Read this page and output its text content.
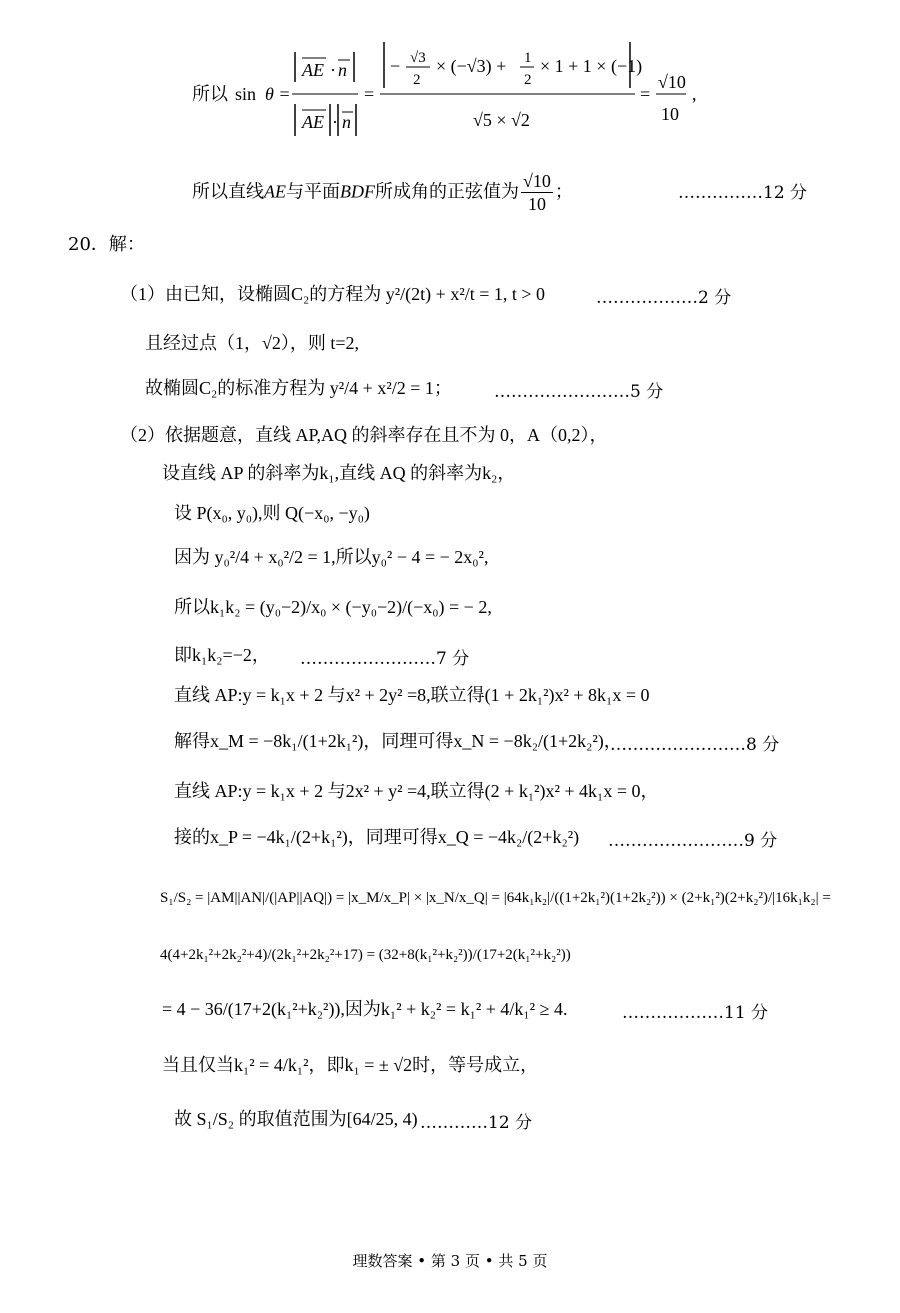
所以 sin θ =
AE · n
AE · n
=
− √3
2
× (−√3) + 1
2
× 1 + 1 × (−1)
√5 × √2
=
√10
10
,
所以直线AE与平面BDF所成角的正弦值为 $\frac{√10}{10}$ ；	……………12 分
20．解：
（1）由已知，设椭圆C₂的方程为 y²/(2t) + x²/t = 1, t > 0	………………2 分
且经过点（1，√2），则 t=2,
故椭圆C₂的标准方程为 y²/4 + x²/2 = 1； ……………………5 分
（2）依据题意，直线 AP,AQ 的斜率存在且不为 0，A（0,2），
设直线 AP 的斜率为k₁,直线 AQ 的斜率为k₂，
设 P(x₀, y₀),则 Q(−x₀, −y₀)
因为 y₀²/4 + x₀²/2 = 1,所以y₀² − 4 = − 2x₀²,
所以k₁k₂ = (y₀−2)/x₀ × (−y₀−2)/(−x₀) = − 2,
即k₁k₂=−2， ……………………7 分
直线 AP:y = k₁x + 2 与x² + 2y² =8,联立得(1 + 2k₁²)x² + 8k₁x = 0
解得x_M = −8k₁/(1+2k₁²)，同理可得x_N = −8k₂/(1+2k₂²)，
……………………8 分
直线 AP:y = k₁x + 2 与2x² + y² =4,联立得(2 + k₁²)x² + 4k₁x = 0，
接的x_P = −4k₁/(2+k₁²)，同理可得x_Q = −4k₂/(2+k₂²) ……………………9 分
S₁/S₂ = |AM||AN|/(|AP||AQ|) = |x_M/x_P| × |x_N/x_Q| = |64k₁k₂|/((1+2k₁²)(1+2k₂²)) × (2+k₁²)(2+k₂²)/|16k₁k₂| =
4(4+2k₁²+2k₂²+4)/(2k₁²+2k₂²+17) = (32+8(k₁²+k₂²))/(17+2(k₁²+k₂²))
= 4 − 36/(17+2(k₁²+k₂²)),因为k₁² + k₂² = k₁² + 4/k₁² ≥ 4.	………………11 分
当且仅当k₁² = 4/k₁²，即k₁ = ± √2时，等号成立，
故 S₁/S₂ 的取值范围为[64/25, 4) …………12 分
理数答案 • 第 3 页 • 共 5 页
